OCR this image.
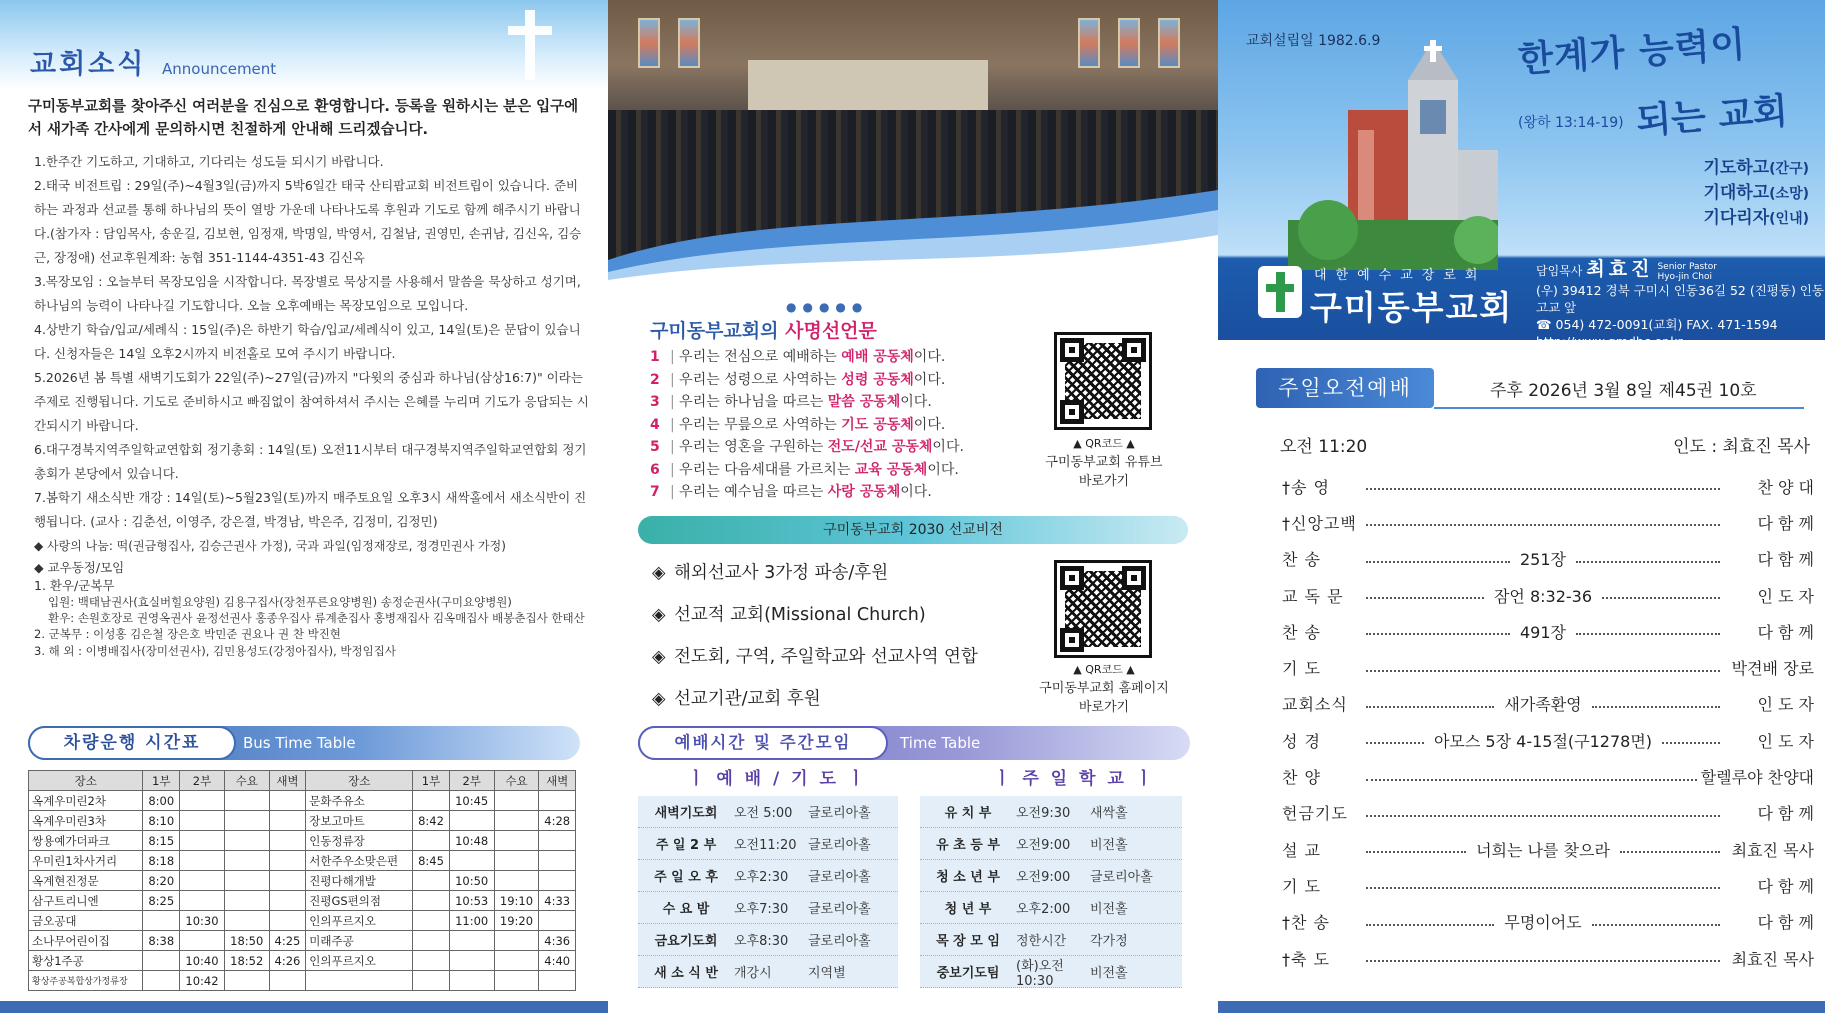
교회소식 Announcement
구미동부교회를 찾아주신 여러분을 진심으로 환영합니다. 등록을 원하시는 분은 입구에서 새가족 간사에게 문의하시면 친절하게 안내해 드리겠습니다.

1.한주간 기도하고, 기대하고, 기다리는 성도들 되시기 바랍니다.

2.태국 비전트립 : 29일(주)~4월3일(금)까지 5박6일간 태국 산티팝교회 비전트립이 있습니다. 준비하는 과정과 선교를 통해 하나님의 뜻이 열방 가운데 나타나도록 후원과 기도로 함께 해주시기 바랍니다.(참가자 : 담임목사, 송운길, 김보현, 임정재, 박명일, 박영서, 김철남, 권영민, 손귀남, 김신옥, 김승근, 장정애) 선교후원계좌: 농협 351-1144-4351-43 김신옥

3.목장모임 : 오늘부터 목장모임을 시작합니다. 목장별로 묵상지를 사용해서 말씀을 묵상하고 성기며, 하나님의 능력이 나타나길 기도합니다. 오늘 오후예배는 목장모임으로 모입니다.

4.상반기 학습/입교/세례식 : 15일(주)은 하반기 학습/입교/세례식이 있고, 14일(토)은 문답이 있습니다. 신청자들은 14일 오후2시까지 비전홀로 모여 주시기 바랍니다.

5.2026년 봄 특별 새벽기도회가 22일(주)~27일(금)까지 "다윗의 중심과 하나님(삼상16:7)" 이라는 주제로 진행됩니다. 기도로 준비하시고 빠짐없이 참여하셔서 주시는 은혜를 누리며 기도가 응답되는 시간되시기 바랍니다.

6.대구경북지역주일학교연합회 정기총회 : 14일(토) 오전11시부터 대구경북지역주일학교연합회 정기총회가 본당에서 있습니다.

7.봄학기 새소식반 개강 : 14일(토)~5월23일(토)까지 매주토요일 오후3시 새싹홀에서 새소식반이 진행됩니다. (교사 : 김춘선, 이영주, 강은결, 박경남, 박은주, 김정미, 김정민)

◆ 사랑의 나눔: 떡(권금형집사, 김승근권사 가정), 국과 과일(임정재장로, 정경민권사 가정)

◆ 교우동정/모임

1. 환우/군복무

입원: 백태남권사(효실버힐요양원) 김용구집사(장천푸른요양병원) 송정순권사(구미요양병원)

환우: 손원호장로 권영옥권사 윤정선권사 홍종우집사 류계춘집사 홍병재집사 김옥매집사 배봉춘집사 한태산

2. 군복무 : 이성홍 김은철 장은호 박민준 권요나 권 찬 박진현

3. 해 외 : 이병배집사(장미선권사), 김민용성도(강정아집사), 박정임집사

차량운행 시간표	Bus Time Table
장소	1부	2부	수요	새벽	장소	1부	2부	수요	새벽
옥계우미린2차	8:00				문화주유소		10:45		
옥계우미린3차	8:10				장보고마트	8:42			4:28
쌍용예가더파크	8:15				인동정류장		10:48		
우미린1차사거리	8:18				서한주우소맞은편	8:45			
옥계현진정문	8:20				진평다해개발		10:50		
삼구트리니엔	8:25				진평GS편의점		10:53	19:10	4:33
금오공대		10:30			인의푸르지오		11:00	19:20	
소나무어린이집	8:38		18:50	4:25	미래주공				4:36
황상1주공		10:40	18:52	4:26	인의푸르지오				4:40
황상주공복합상가정류장		10:42							
●●●●●
구미동부교회의 사명선언문
1 | 우리는 전심으로 예배하는 예배 공동체이다.
2 | 우리는 성령으로 사역하는 성령 공동체이다.
3 | 우리는 하나님을 따르는 말씀 공동체이다.
4 | 우리는 무릎으로 사역하는 기도 공동체이다.
5 | 우리는 영혼을 구원하는 전도/선교 공동체이다.
6 | 우리는 다음세대를 가르치는 교육 공동체이다.
7 | 우리는 예수님을 따르는 사랑 공동체이다.
▲ QR코드 ▲
구미동부교회 유튜브
바로가기
구미동부교회 2030 선교비전
◈ 해외선교사 3가정 파송/후원
◈ 선교적 교회(Missional Church)
◈ 전도회, 구역, 주일학교와 선교사역 연합
◈ 선교기관/교회 후원
▲ QR코드 ▲
구미동부교회 홈페이지
바로가기
예배시간 및 주간모임	Time Table
ㅣ 예 배 / 기 도 ㅣ	ㅣ 주 일 학 교 ㅣ
새벽기도회	오전 5:00	글로리아홀
주 일 2 부	오전11:20 글로리아홀
주 일 오 후	오후2:30	글로리아홀
수 요 밤	오후7:30	글로리아홀
금요기도회	오후8:30	글로리아홀
새 소 식 반	개강시	지역별
유 치 부	오전9:30	새싹홀
유 초 등 부	오전9:00	비전홀
청 소 년 부	오전9:00	글로리아홀
청 년 부	오후2:00	비전홀
목 장 모 임	정한시간	각가정
중보기도팀	(화)오전10:30	비전홀
교회설립일 1982.6.9	한계가 능력이
(왕하 13:14-19) 되는 교회
기도하고(간구)
기대하고(소망)
기다리자(인내)
대한예수교장로회
구미동부교회
담임목사 최효진 Senior Pastor
Hyo-jin Choi
(우) 39412 경북 구미시 인동36길 52 (진평동) 인동고교 앞
☎ 054) 472-0091(교회) FAX. 471-1594
http://www.gmdbc.or.kr
주일오전예배	주후 2026년 3월 8일 제45권 10호
오전 11:20	인도 : 최효진 목사
†송 영	찬 양 대
†신앙고백	다 함 께
찬 송	251장	다 함 께
교 독 문	잠언 8:32-36	인 도 자
찬 송	491장	다 함 께
기 도	박견배 장로
교회소식	새가족환영	인 도 자
성 경	아모스 5장 4-15절(구1278면)	인 도 자
찬 양	할렐루야 찬양대
헌금기도	다 함 께
설 교	너희는 나를 찾으라	최효진 목사
기 도	다 함 께
†찬 송	무명이어도	다 함 께
†축 도	최효진 목사
